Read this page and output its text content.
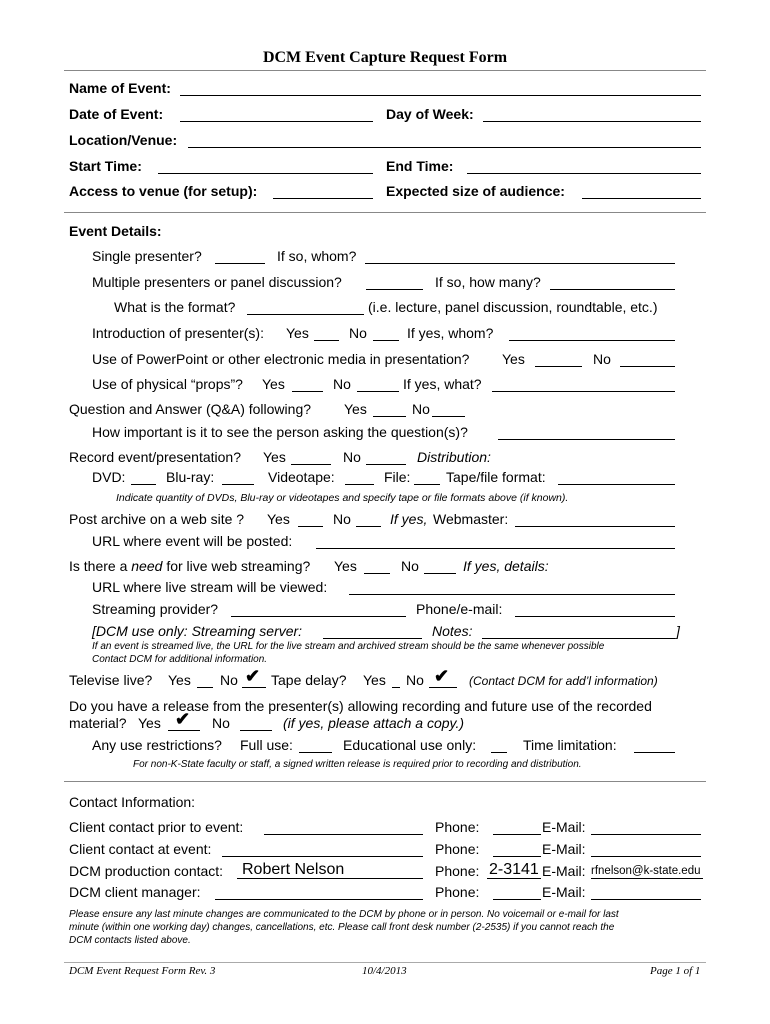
DCM Event Capture Request Form
Name of Event:
Date of Event:	Day of Week:
Location/Venue:
Start Time:	End Time:
Access to venue (for setup):	Expected size of audience:
Event Details:
Single presenter?	If so, whom?
Multiple presenters or panel discussion?	If so, how many?
What is the format?	(i.e. lecture, panel discussion, roundtable, etc.)
Introduction of presenter(s): Yes	No	If yes, whom?
Use of PowerPoint or other electronic media in presentation? Yes	No
Use of physical “props”? Yes	No	If yes, what?
Question and Answer (Q&A) following? Yes	No
How important is it to see the person asking the question(s)?
Record event/presentation? Yes	No	Distribution:
DVD:	Blu-ray:	Videotape:	File:	Tape/file format:
Indicate quantity of DVDs, Blu-ray or videotapes and specify tape or file formats above (if known).
Post archive on a web site ? Yes	No	If yes, Webmaster:
URL where event will be posted:
Is there a need for live web streaming? Yes	No	If yes, details:
URL where live stream will be viewed:
Streaming provider?	Phone/e-mail:
[DCM use only: Streaming server:	Notes:	]
If an event is streamed live, the URL for the live stream and archived stream should be the same whenever possible
Contact DCM for additional information.
Televise live? Yes No ✔ Tape delay? Yes No ✔ (Contact DCM for add’l information)
Do you have a release from the presenter(s) allowing recording and future use of the recorded
material? Yes ✔ No	(if yes, please attach a copy.)
Any use restrictions? Full use:	Educational use only:	Time limitation:
For non-K-State faculty or staff, a signed written release is required prior to recording and distribution.
Contact Information:
Client contact prior to event:	Phone:	E-Mail:
Client contact at event:	Phone:	E-Mail:
DCM production contact: Robert Nelson	Phone: 2-3141 E-Mail: rfnelson@k-state.edu
DCM client manager:	Phone:	E-Mail:
Please ensure any last minute changes are communicated to the DCM by phone or in person. No voicemail or e-mail for last
minute (within one working day) changes, cancellations, etc. Please call front desk number (2-2535) if you cannot reach the
DCM contacts listed above.
DCM Event Request Form Rev. 3	10/4/2013	Page 1 of 1
